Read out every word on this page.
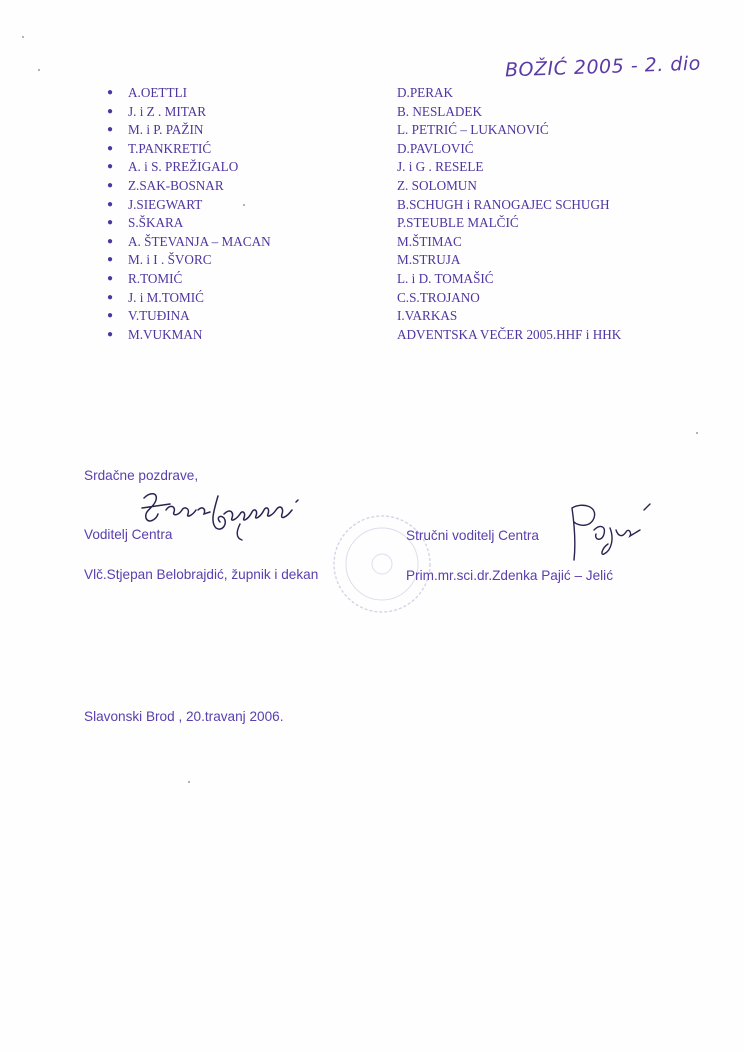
BOŽIĆ 2005 - 2. dio
● A.OETTLI
● J. i Z . MITAR
● M. i P. PAŽIN
● T.PANKRETIĆ
● A. i S. PREŽIGALO
● Z.SAK-BOSNAR
● J.SIEGWART
● S.ŠKARA
● A. ŠTEVANJA – MACAN
● M. i I . ŠVORC
● R.TOMIĆ
● J. i M.TOMIĆ
● V.TUĐINA
● M.VUKMAN
D.PERAK
B. NESLADEK
L. PETRIĆ – LUKANOVIĆ
D.PAVLOVIĆ
J. i G . RESELE
Z. SOLOMUN
B.SCHUGH i RANOGAJEC SCHUGH
P.STEUBLE MALČIĆ
M.ŠTIMAC
M.STRUJA
L. i D. TOMAŠIĆ
C.S.TROJANO
I.VARKAS
ADVENTSKA VEČER 2005.HHF i HHK
Srdačne pozdrave,
Voditelj Centra
Vlč.Stjepan Belobrajdić, župnik i dekan
Stručni voditelj Centra
Prim.mr.sci.dr.Zdenka Pajić – Jelić
Slavonski Brod , 20.travanj 2006.
